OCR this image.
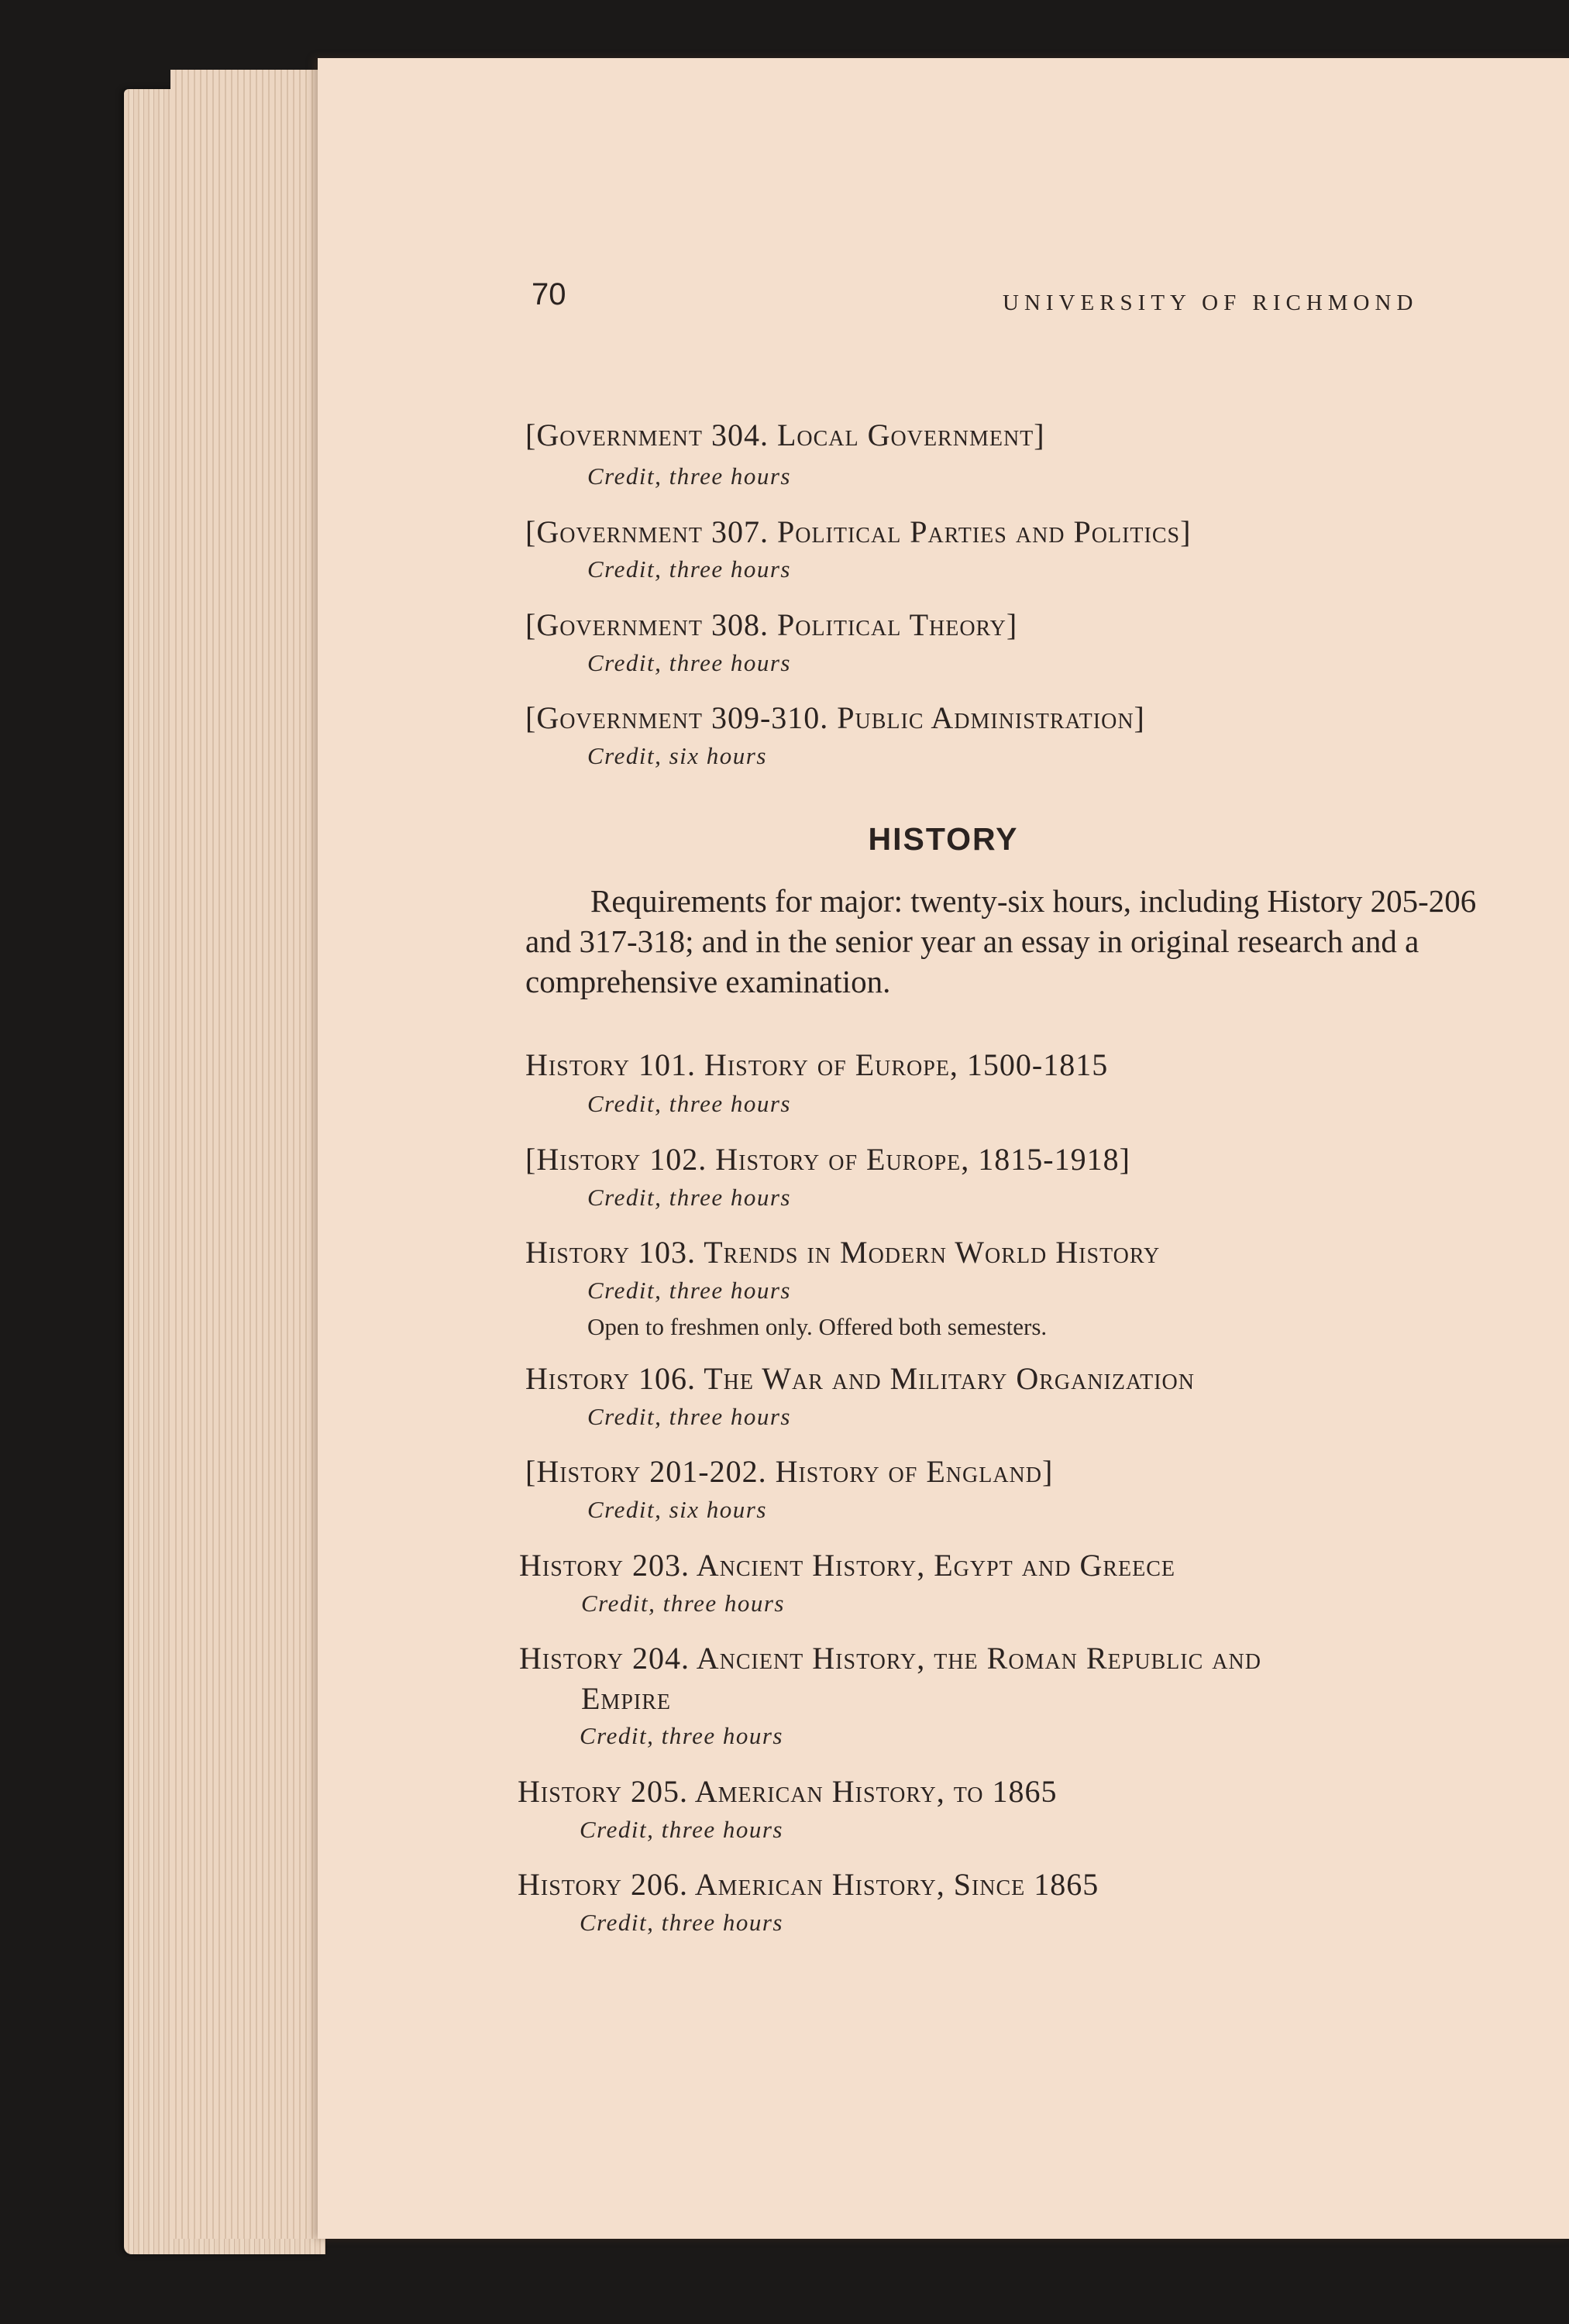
70	UNIVERSITY OF RICHMOND
[Government 304. Local Government]
Credit, three hours
[Government 307. Political Parties and Politics]
Credit, three hours
[Government 308. Political Theory]
Credit, three hours
[Government 309-310. Public Administration]
Credit, six hours
HISTORY
Requirements for major: twenty-six hours, including History 205-206 and 317-318; and in the senior year an essay in original research and a comprehensive examination.
History 101. History of Europe, 1500-1815
Credit, three hours
[History 102. History of Europe, 1815-1918]
Credit, three hours
History 103. Trends in Modern World History
Credit, three hours
Open to freshmen only. Offered both semesters.
History 106. The War and Military Organization
Credit, three hours
[History 201-202. History of England]
Credit, six hours
History 203. Ancient History, Egypt and Greece
Credit, three hours
History 204. Ancient History, the Roman Republic and
Empire
Credit, three hours
History 205. American History, to 1865
Credit, three hours
History 206. American History, Since 1865
Credit, three hours
